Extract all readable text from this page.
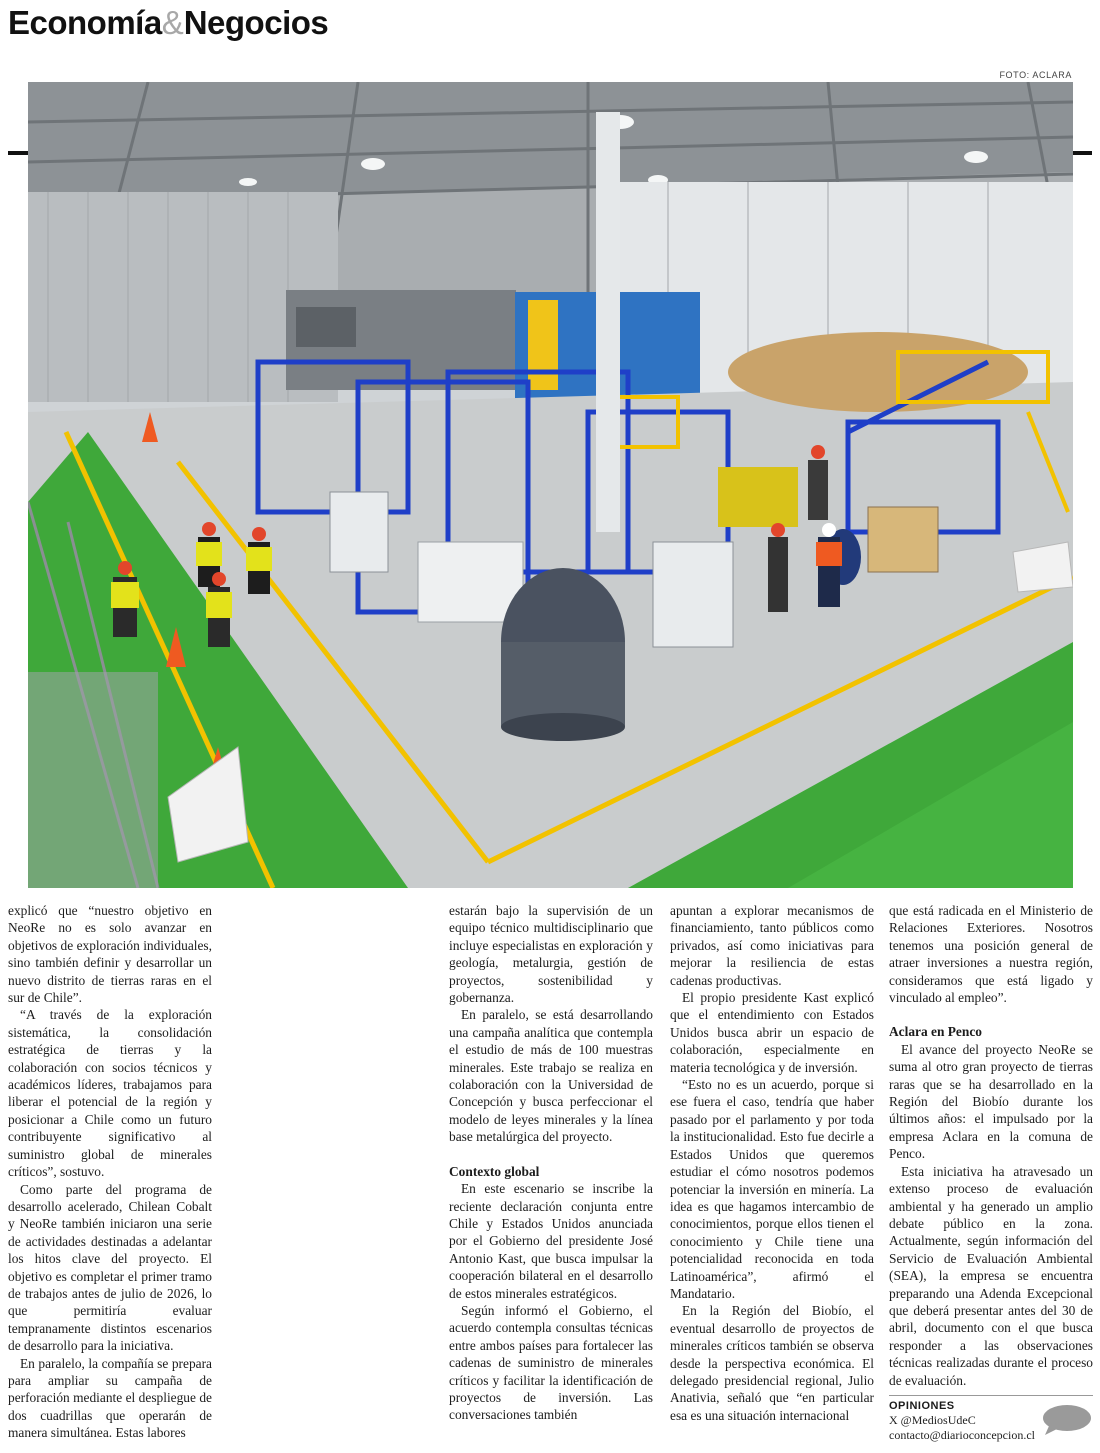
Economía & Negocios
FOTO: ACLARA

explicó que “nuestro objetivo en NeoRe no es solo avanzar en objetivos de exploración individuales, sino también definir y desarrollar un nuevo distrito de tierras raras en el sur de Chile”.

“A través de la exploración sistemática, la consolidación estratégica de tierras y la colaboración con socios técnicos y académicos líderes, trabajamos para liberar el potencial de la región y posicionar a Chile como un futuro contribuyente significativo al suministro global de minerales críticos”, sostuvo.

Como parte del programa de desarrollo acelerado, Chilean Cobalt y NeoRe también iniciaron una serie de actividades destinadas a adelantar los hitos clave del proyecto. El objetivo es completar el primer tramo de trabajos antes de julio de 2026, lo que permitiría evaluar tempranamente distintos escenarios de desarrollo para la iniciativa.

En paralelo, la compañía se prepara para ampliar su campaña de perforación mediante el despliegue de dos cuadrillas que operarán de manera simultánea. Estas labores

estarán bajo la supervisión de un equipo técnico multidisciplinario que incluye especialistas en exploración y geología, metalurgia, gestión de proyectos, sostenibilidad y gobernanza.

En paralelo, se está desarrollando una campaña analítica que contempla el estudio de más de 100 muestras minerales. Este trabajo se realiza en colaboración con la Universidad de Concepción y busca perfeccionar el modelo de leyes minerales y la línea base metalúrgica del proyecto.

Contexto global

En este escenario se inscribe la reciente declaración conjunta entre Chile y Estados Unidos anunciada por el Gobierno del presidente José Antonio Kast, que busca impulsar la cooperación bilateral en el desarrollo de estos minerales estratégicos.

Según informó el Gobierno, el acuerdo contempla consultas técnicas entre ambos países para fortalecer las cadenas de suministro de minerales críticos y facilitar la identificación de proyectos de inversión. Las conversaciones también

apuntan a explorar mecanismos de financiamiento, tanto públicos como privados, así como iniciativas para mejorar la resiliencia de estas cadenas productivas.

El propio presidente Kast explicó que el entendimiento con Estados Unidos busca abrir un espacio de colaboración, especialmente en materia tecnológica y de inversión.

“Esto no es un acuerdo, porque si ese fuera el caso, tendría que haber pasado por el parlamento y por toda la institucionalidad. Esto fue decirle a Estados Unidos que queremos estudiar el cómo nosotros podemos potenciar la inversión en minería. La idea es que hagamos intercambio de conocimientos, porque ellos tienen el conocimiento y Chile tiene una potencialidad reconocida en toda Latinoamérica”, afirmó el Mandatario.

En la Región del Biobío, el eventual desarrollo de proyectos de minerales críticos también se observa desde la perspectiva económica. El delegado presidencial regional, Julio Anativia, señaló que “en particular esa es una situación internacional

que está radicada en el Ministerio de Relaciones Exteriores. Nosotros tenemos una posición general de atraer inversiones a nuestra región, consideramos que está ligado y vinculado al empleo”.

Aclara en Penco

El avance del proyecto NeoRe se suma al otro gran proyecto de tierras raras que se ha desarrollado en la Región del Biobío durante los últimos años: el impulsado por la empresa Aclara en la comuna de Penco.

Esta iniciativa ha atravesado un extenso proceso de evaluación ambiental y ha generado un amplio debate público en la zona. Actualmente, según información del Servicio de Evaluación Ambiental (SEA), la empresa se encuentra preparando una Adenda Excepcional que deberá presentar antes del 30 de abril, documento con el que busca responder a las observaciones técnicas realizadas durante el proceso de evaluación.

OPINIONES
X @MediosUdeC
contacto@diarioconcepcion.cl
